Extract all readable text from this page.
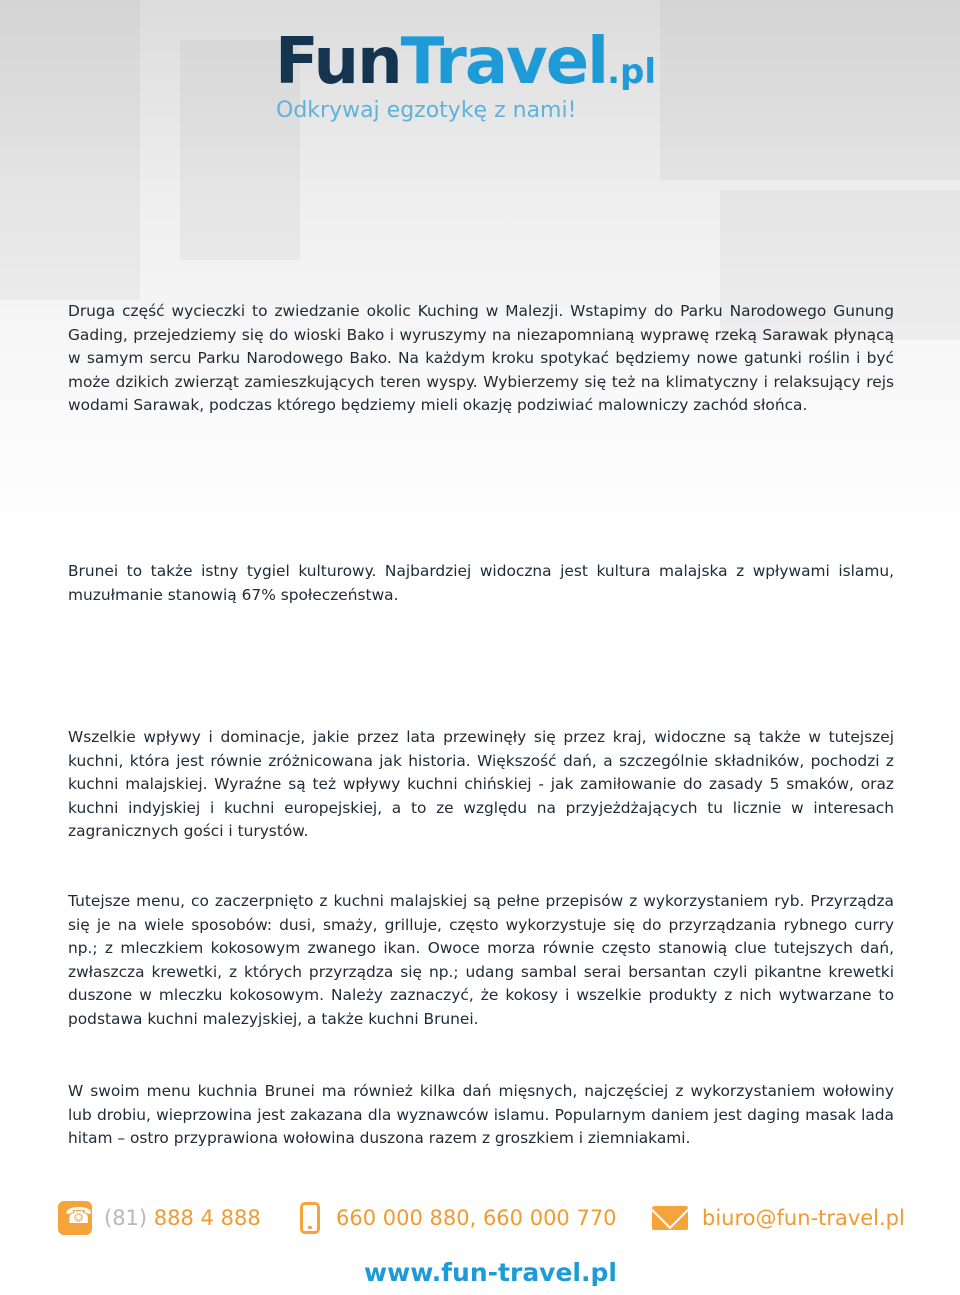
FunTravel.pl
Odkrywaj egzotykę z nami!

Druga część wycieczki to zwiedzanie okolic Kuching w Malezji. Wstapimy do Parku Narodowego Gunung Gading, przejedziemy się do wioski Bako i wyruszymy na niezapomnianą wyprawę rzeką Sarawak płynącą w samym sercu Parku Narodowego Bako. Na każdym kroku spotykać będziemy nowe gatunki roślin i być może dzikich zwierząt zamieszkujących teren wyspy. Wybierzemy się też na klimatyczny i relaksujący rejs wodami Sarawak, podczas którego będziemy mieli okazję podziwiać malowniczy zachód słońca.

Brunei to także istny tygiel kulturowy. Najbardziej widoczna jest kultura malajska z wpływami islamu, muzułmanie stanowią 67% społeczeństwa.

Wszelkie wpływy i dominacje, jakie przez lata przewinęły się przez kraj, widoczne są także w tutejszej kuchni, która jest równie zróżnicowana jak historia. Większość dań, a szczególnie składników, pochodzi z kuchni malajskiej. Wyraźne są też wpływy kuchni chińskiej - jak zamiłowanie do zasady 5 smaków, oraz kuchni indyjskiej i kuchni europejskiej, a to ze względu na przyjeżdżających tu licznie w interesach zagranicznych gości i turystów.

Tutejsze menu, co zaczerpnięto z kuchni malajskiej są pełne przepisów z wykorzystaniem ryb. Przyrządza się je na wiele sposobów: dusi, smaży, grilluje, często wykorzystuje się do przyrządzania rybnego curry np.; z mleczkiem kokosowym zwanego ikan. Owoce morza równie często stanowią clue tutejszych dań, zwłaszcza krewetki, z których przyrządza się np.; udang sambal serai bersantan czyli pikantne krewetki duszone w mleczku kokosowym. Należy zaznaczyć, że kokosy i wszelkie produkty z nich wytwarzane to podstawa kuchni malezyjskiej, a także kuchni Brunei.

W swoim menu kuchnia Brunei ma również kilka dań mięsnych, najczęściej z wykorzystaniem wołowiny lub drobiu, wieprzowina jest zakazana dla wyznawców islamu. Popularnym daniem jest daging masak lada hitam – ostro przyprawiona wołowina duszona razem z groszkiem i ziemniakami.

☎
(81) 888 4 888	660 000 880, 660 000 770	biuro@fun-travel.pl
www.fun-travel.pl
